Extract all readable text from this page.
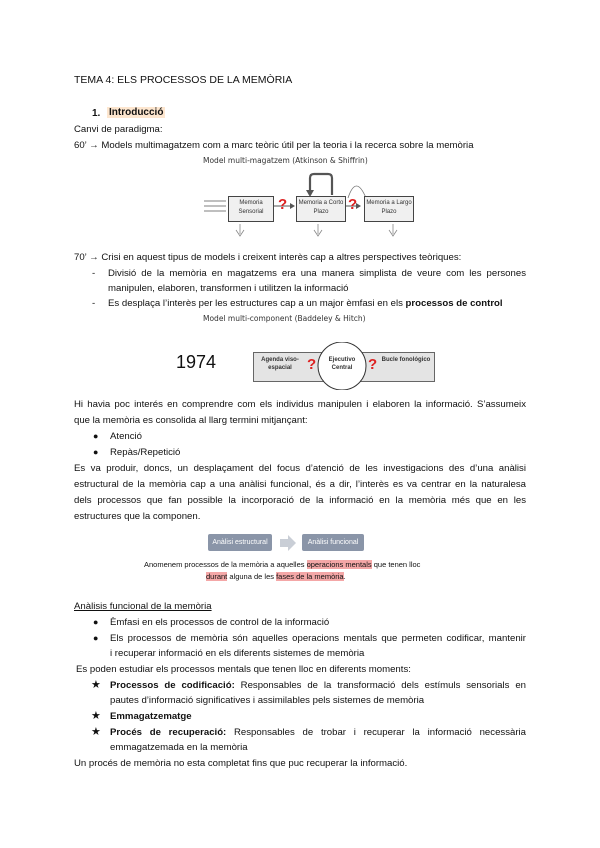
TEMA 4: ELS PROCESSOS DE LA MEMÒRIA
1. Introducció
Canvi de paradigma:
60’ → Models multimagatzem com a marc teòric útil per la teoria i la recerca sobre la memòria
Model multi-magatzem (Atkinson & Shiffrin)
Memoria Sensorial
Memoria a Corto Plazo
Memoria a Largo Plazo
?	?
70’ → Crisi en aquest tipus de models i creixent interès cap a altres perspectives teòriques:
- Divisió de la memòria en magatzems era una manera simplista de veure com les persones
manipulen, elaboren, transformen i utilitzen la informació
- Es desplaça l’interès per les estructures cap a un major èmfasi en els processos de control
Model multi-component (Baddeley & Hitch)
1974	Agenda viso-espacial
Ejecutivo Central
Bucle fonológico
?	?
Hi havia poc interés en comprendre com els individus manipulen i elaboren la informació. S’assumeix
que la memòria es consolida al llarg termini mitjançant:
● Atenció
● Repàs/Repetició
Es va produir, doncs, un desplaçament del focus d’atenció de les investigacions des d’una anàlisi
estructural de la memòria cap a una anàlisi funcional, és a dir, l’interès es va centrar en la naturalesa
dels processos que fan possible la incorporació de la informació en la memòria més que en les
estructures que la componen.
Anàlisi estructural	Anàlisi funcional
Anomenem processos de la memòria a aquelles operacions mentals que tenen lloc
durant alguna de les fases de la memòria.
Anàlisis funcional de la memòria
● Èmfasi en els processos de control de la informació
● Els processos de memòria són aquelles operacions mentals que permeten codificar, mantenir
i recuperar informació en els diferents sistemes de memòria
Es poden estudiar els processos mentals que tenen lloc en diferents moments:
★ Processos de codificació: Responsables de la transformació dels estímuls sensorials en
pautes d’informació significatives i assimilables pels sistemes de memòria
★ Emmagatzematge
★ Procés de recuperació: Responsables de trobar i recuperar la informació necessària
emmagatzemada en la memòria
Un procés de memòria no esta completat fins que puc recuperar la informació.
